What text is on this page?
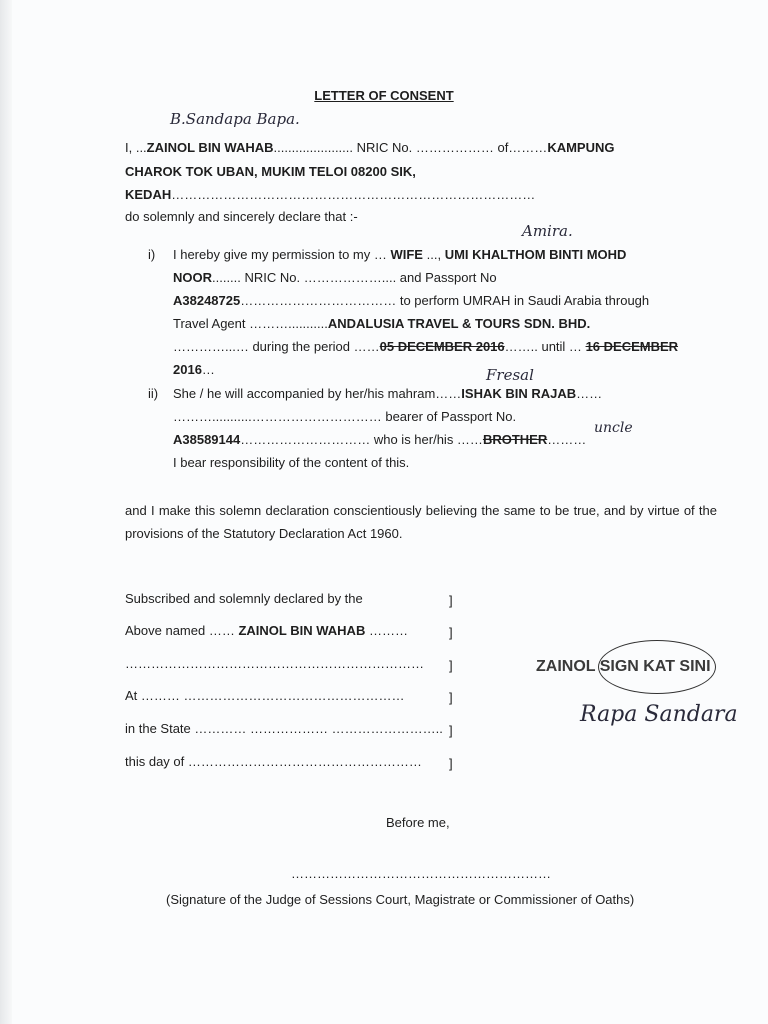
LETTER OF CONSENT
B.Sandapa Bapa.
I, ...ZAINOL BIN WAHAB...................... NRIC No. ……………… of………KAMPUNG
CHAROK TOK UBAN, MUKIM TELOI 08200 SIK,
KEDAH…………………………………………………………………………
do solemnly and sincerely declare that :-
Amira.
i) I hereby give my permission to my … WIFE ..., UMI KHALTHOM BINTI MOHD
NOOR........ NRIC No. ……………….... and Passport No
A38248725……………………………… to perform UMRAH in Saudi Arabia through
Travel Agent ………...........ANDALUSIA TRAVEL & TOURS SDN. BHD.
…………...… during the period ……05 DECEMBER 2016…….. until … 16 DECEMBER
2016…	Fresal
ii) She / he will accompanied by her/his mahram……ISHAK BIN RAJAB……
………...........………………………… bearer of Passport No.
A38589144………………………… who is her/his ……BROTHER………
uncle
I bear responsibility of the content of this.
and I make this solemn declaration conscientiously believing the same to be true, and by virtue of the provisions of the Statutory Declaration Act 1960.
Subscribed and solemnly declared by the	]
Above named …… ZAINOL BIN WAHAB ………	]
…………………………………………………………… ]
At ……… ……………………………………………	]
in the State ………… ……………… …………………….. ]
this day of ……………………………………………… ]
ZAINOL SIGN KAT SINI
Rapa Sandara
Before me,
……………………………………………………
(Signature of the Judge of Sessions Court, Magistrate or Commissioner of Oaths)
